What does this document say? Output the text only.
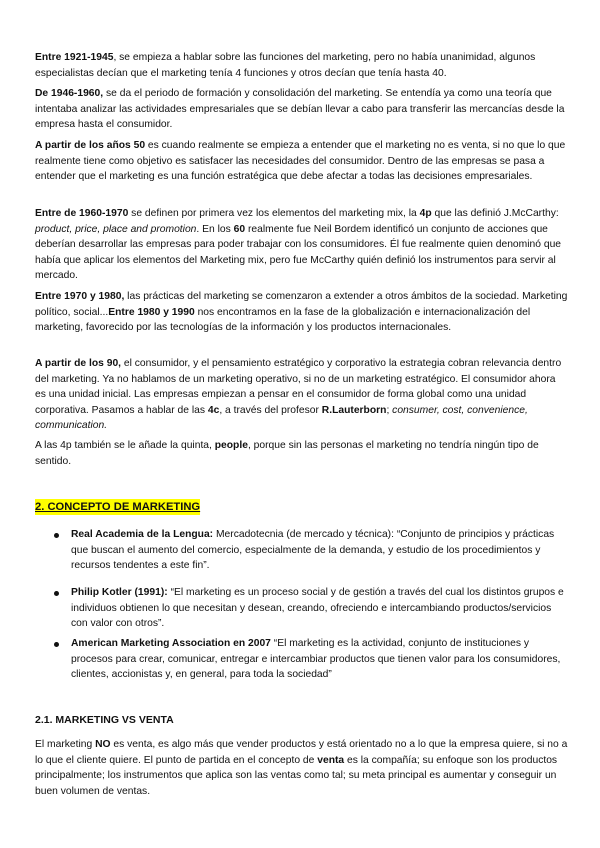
Entre 1921-1945, se empieza a hablar sobre las funciones del marketing, pero no había unanimidad, algunos especialistas decían que el marketing tenía 4 funciones y otros decían que tenía hasta 40.

De 1946-1960, se da el periodo de formación y consolidación del marketing. Se entendía ya como una teoría que intentaba analizar las actividades empresariales que se debían llevar a cabo para transferir las mercancías desde la empresa hasta el consumidor.

A partir de los años 50 es cuando realmente se empieza a entender que el marketing no es venta, si no que lo que realmente tiene como objetivo es satisfacer las necesidades del consumidor. Dentro de las empresas se pasa a entender que el marketing es una función estratégica que debe afectar a todas las decisiones empresariales.

Entre de 1960-1970 se definen por primera vez los elementos del marketing mix, la 4p que las definió J.McCarthy: product, price, place and promotion. En los 60 realmente fue Neil Bordem identificó un conjunto de acciones que deberían desarrollar las empresas para poder trabajar con los consumidores. Él fue realmente quien denominó que había que aplicar los elementos del Marketing mix, pero fue McCarthy quién definió los instrumentos para servir al mercado.

Entre 1970 y 1980, las prácticas del marketing se comenzaron a extender a otros ámbitos de la sociedad. Marketing político, social...Entre 1980 y 1990 nos encontramos en la fase de la globalización e internacionalización del marketing, favorecido por las tecnologías de la información y los productos internacionales.

A partir de los 90, el consumidor, y el pensamiento estratégico y corporativo la estrategia cobran relevancia dentro del marketing. Ya no hablamos de un marketing operativo, si no de un marketing estratégico. El consumidor ahora es una unidad inicial. Las empresas empiezan a pensar en el consumidor de forma global como una unidad corporativa. Pasamos a hablar de las 4c, a través del profesor R.Lauterborn; consumer, cost, convenience, communication.

A las 4p también se le añade la quinta, people, porque sin las personas el marketing no tendría ningún tipo de sentido.

2. CONCEPTO DE MARKETING
Real Academia de la Lengua: Mercadotecnia (de mercado y técnica): “Conjunto de principios y prácticas que buscan el aumento del comercio, especialmente de la demanda, y estudio de los procedimientos y recursos tendentes a este fin”.
Philip Kotler (1991): “El marketing es un proceso social y de gestión a través del cual los distintos grupos e individuos obtienen lo que necesitan y desean, creando, ofreciendo e intercambiando productos/servicios con valor con otros”.
American Marketing Association en 2007 “El marketing es la actividad, conjunto de instituciones y procesos para crear, comunicar, entregar e intercambiar productos que tienen valor para los consumidores, clientes, accionistas y, en general, para toda la sociedad”
2.1. MARKETING VS VENTA

El marketing NO es venta, es algo más que vender productos y está orientado no a lo que la empresa quiere, si no a lo que el cliente quiere. El punto de partida en el concepto de venta es la compañía; su enfoque son los productos principalmente; los instrumentos que aplica son las ventas como tal; su meta principal es aumentar y conseguir un buen volumen de ventas.
